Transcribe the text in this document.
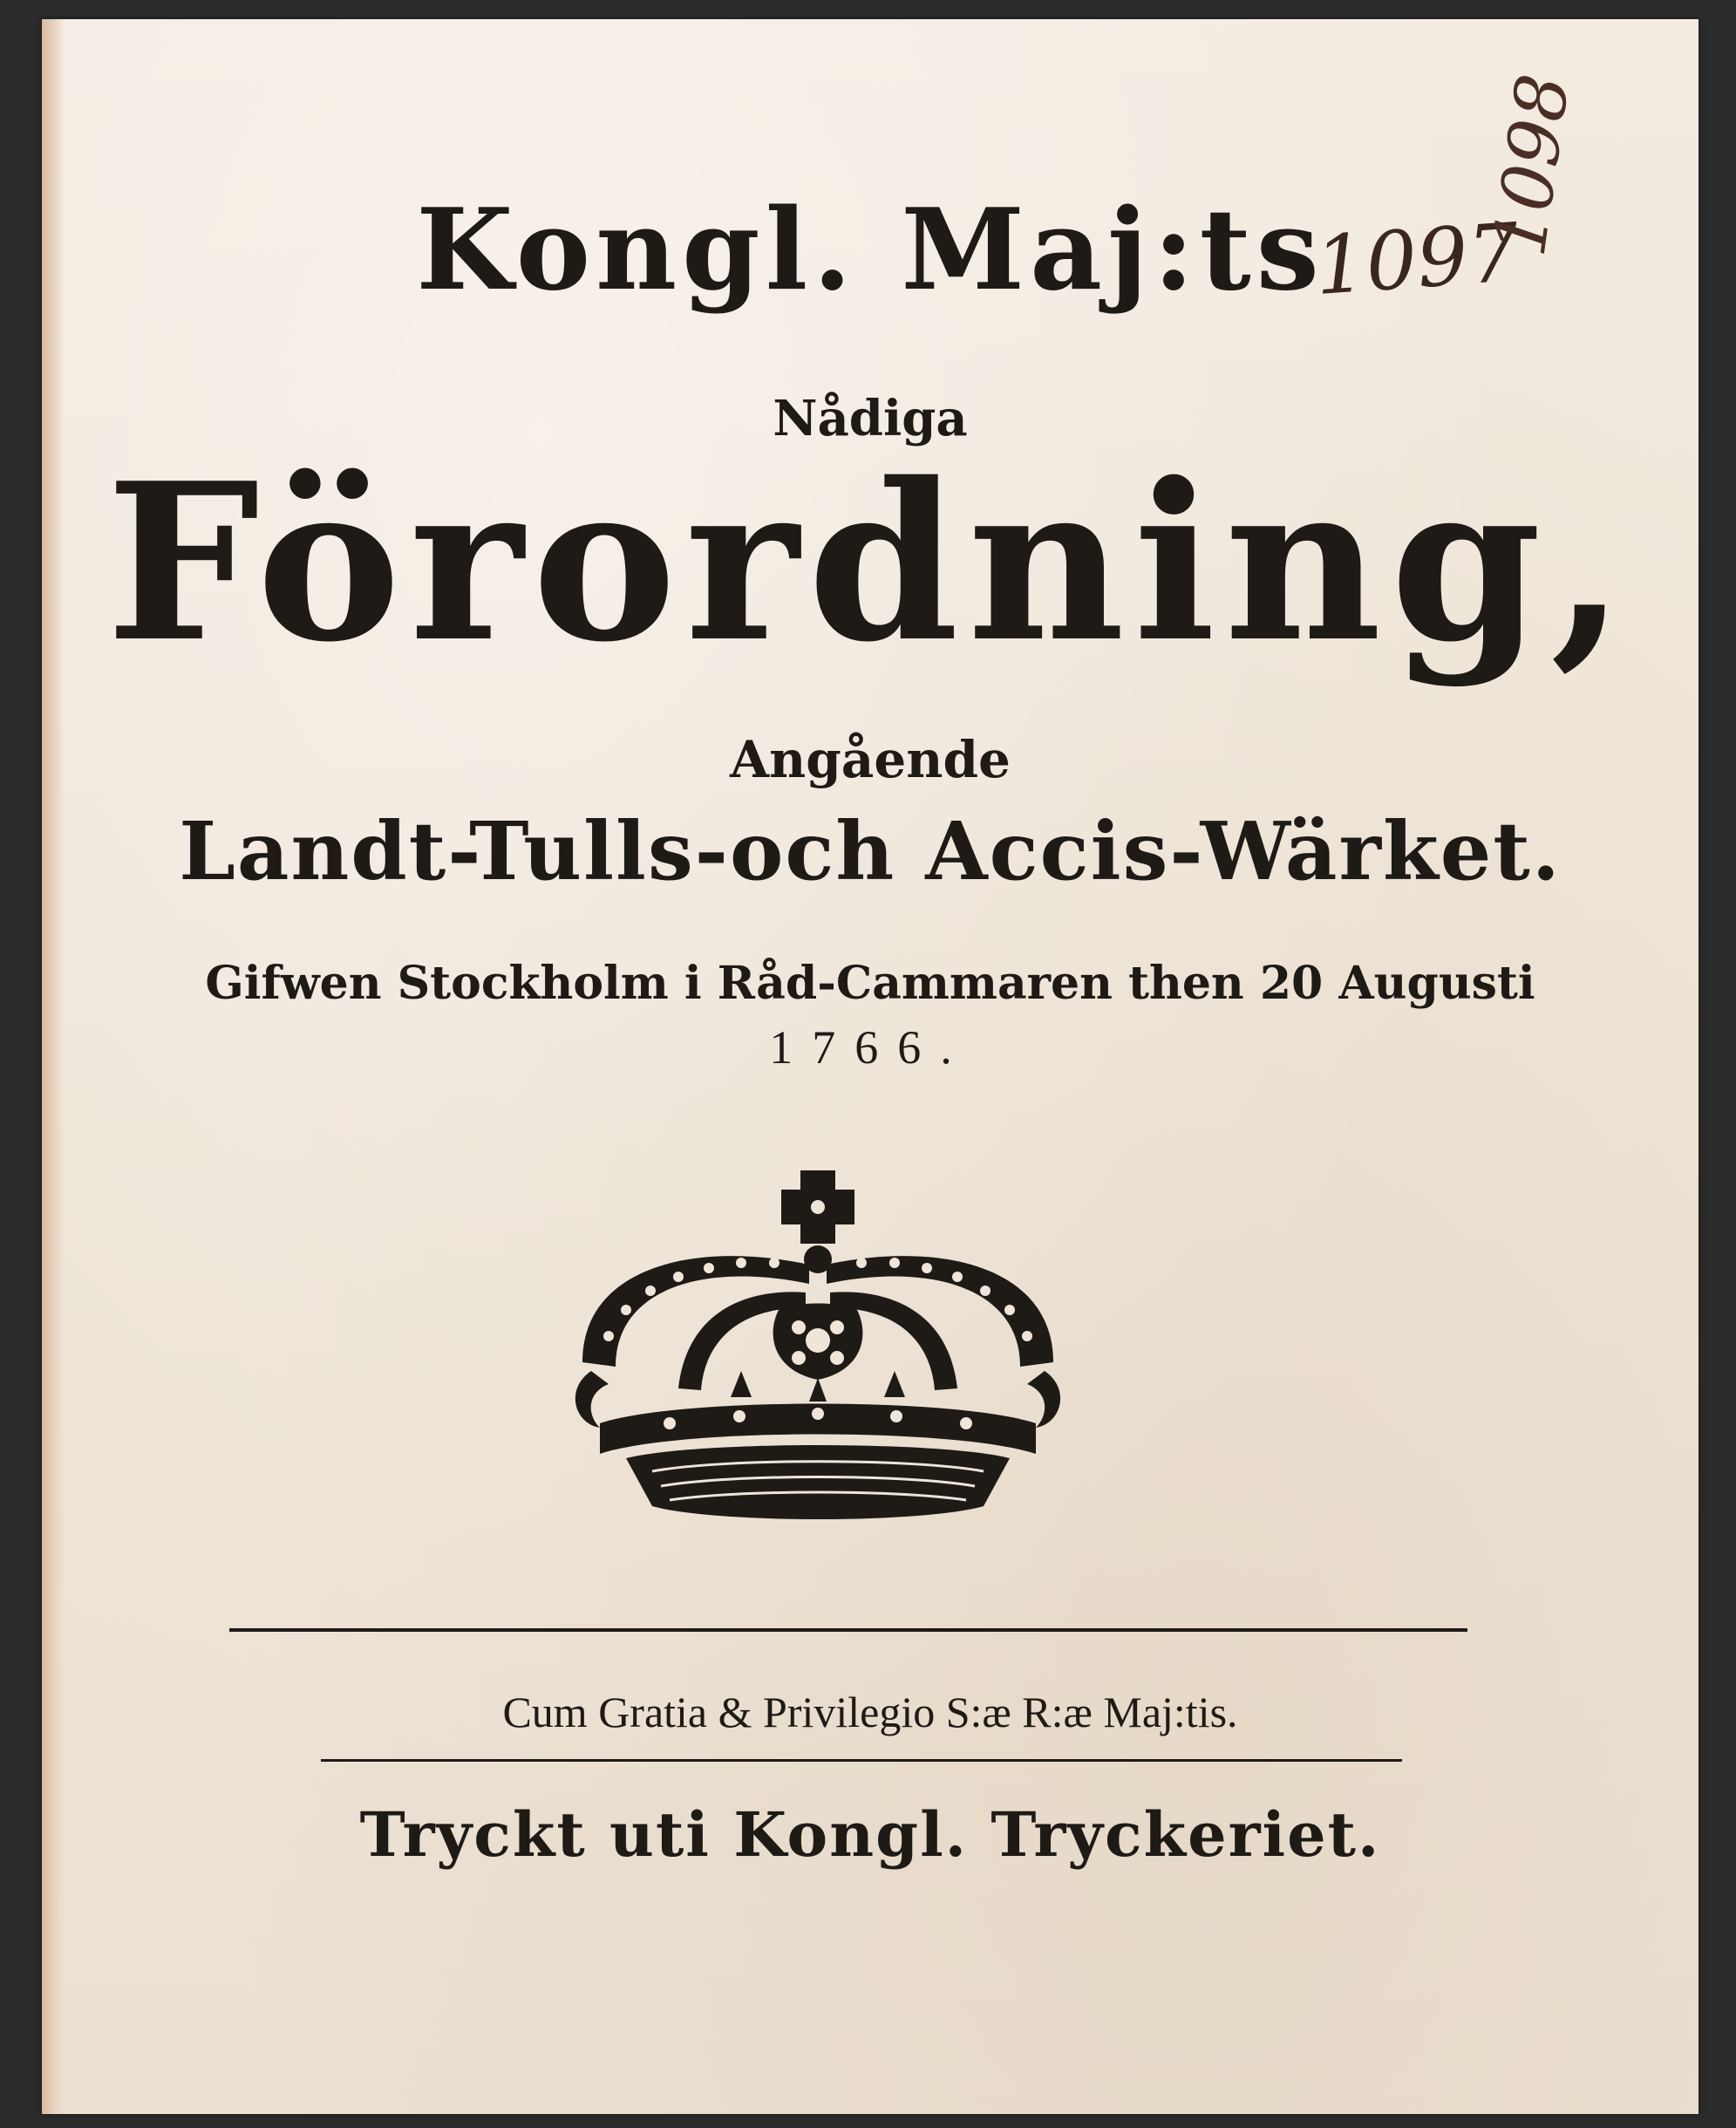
Kongl. Maj:ts
Nådiga
Förordning,
Angående
Landt-Tulls-och Accis-Wärket.
Gifwen Stockholm i Råd-Cammaren then 20 Augusti
1766.
1097
1098
Cum Gratia & Privilegio S:æ R:æ Maj:tis.
Tryckt uti Kongl. Tryckeriet.
